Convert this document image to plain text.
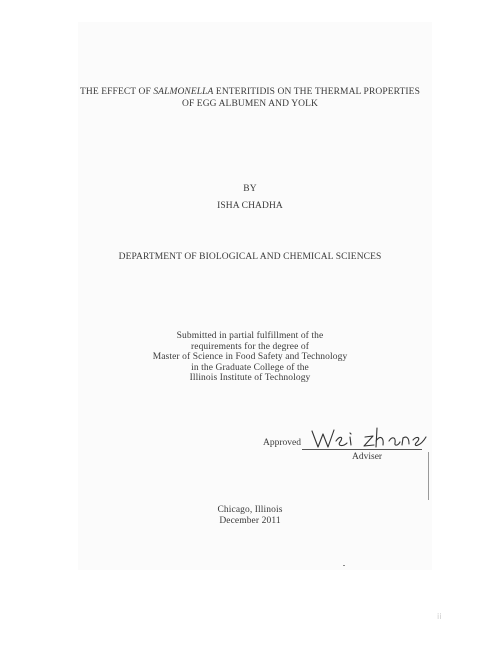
THE EFFECT OF SALMONELLA ENTERITIDIS ON THE THERMAL PROPERTIES
OF EGG ALBUMEN AND YOLK
BY
ISHA CHADHA
DEPARTMENT OF BIOLOGICAL AND CHEMICAL SCIENCES
Submitted in partial fulfillment of the
requirements for the degree of
Master of Science in Food Safety and Technology
in the Graduate College of the
Illinois Institute of Technology
Approved
Adviser
Chicago, Illinois
December 2011
ii
